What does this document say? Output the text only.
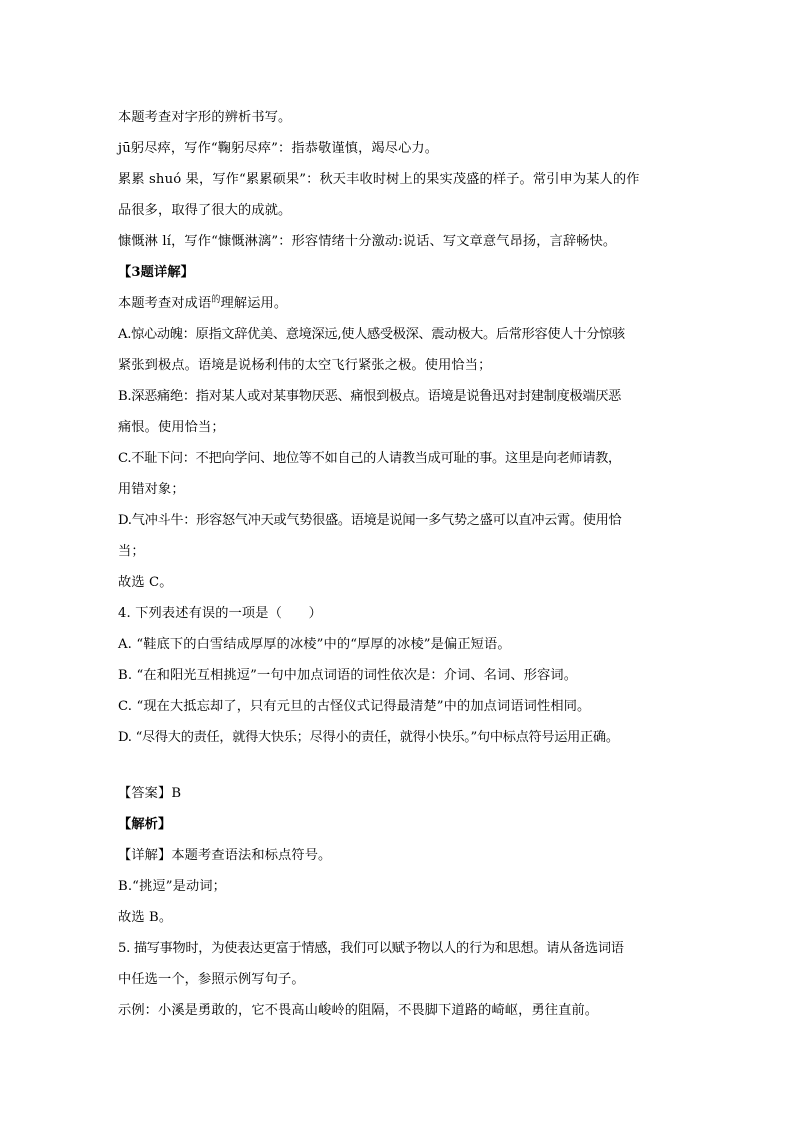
本题考查对字形的辨析书写。
jū躬尽瘁，写作“鞠躬尽瘁”：指恭敬谨慎，竭尽心力。
累累 shuó 果，写作“累累硕果”：秋天丰收时树上的果实茂盛的样子。常引申为某人的作
品很多，取得了很大的成就。
慷慨淋 lí，写作“慷慨淋漓”：形容情绪十分激动:说话、写文章意气昂扬，言辞畅快。
【3题详解】
本题考查对成语$^的$理解运用。
A.惊心动魄：原指文辞优美、意境深远,使人感受极深、震动极大。后常形容使人十分惊骇
紧张到极点。语境是说杨利伟的太空飞行紧张之极。使用恰当；
B.深恶痛绝：指对某人或对某事物厌恶、痛恨到极点。语境是说鲁迅对封建制度极端厌恶
痛恨。使用恰当；
C.不耻下问：不把向学问、地位等不如自己的人请教当成可耻的事。这里是向老师请教，
用错对象；
D.气冲斗牛：形容怒气冲天或气势很盛。语境是说闻一多气势之盛可以直冲云霄。使用恰
当；
故选 C。
4. 下列表述有误的一项是（　　）
A. “鞋底下的白雪结成厚厚的冰棱”中的“厚厚的冰棱”是偏正短语。
B. “在和阳光互相挑逗”一句中加点词语的词性依次是：介词、名词、形容词。
C. “现在大抵忘却了，只有元旦的古怪仪式记得最清楚”中的加点词语词性相同。
D. “尽得大的责任，就得大快乐；尽得小的责任，就得小快乐。”句中标点符号运用正确。
【答案】B
【解析】
【详解】本题考查语法和标点符号。
B.“挑逗”是动词；
故选 B。
5. 描写事物时，为使表达更富于情感，我们可以赋予物以人的行为和思想。请从备选词语
中任选一个，参照示例写句子。
示例：小溪是勇敢的，它不畏高山峻岭的阻隔，不畏脚下道路的崎岖，勇往直前。
